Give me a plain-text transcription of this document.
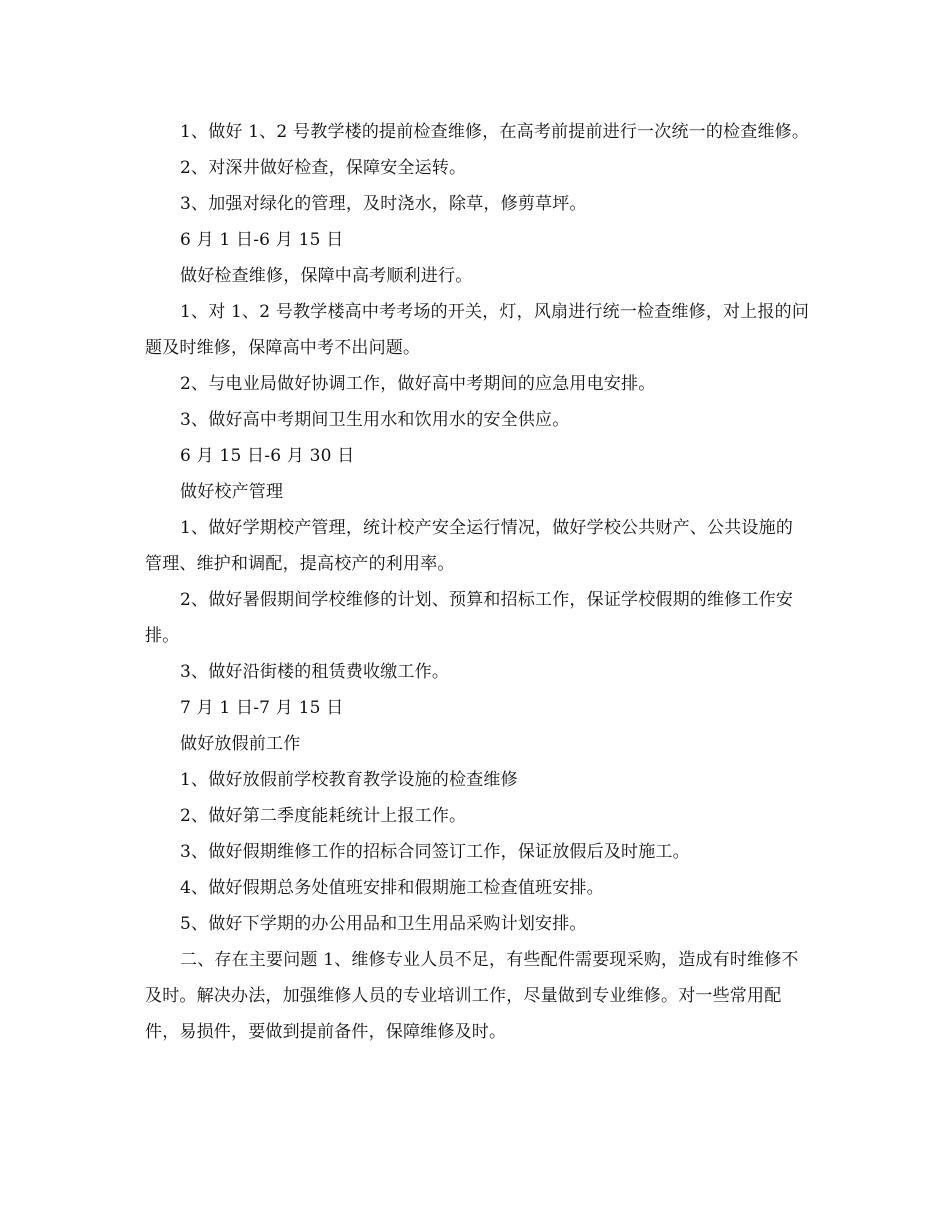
1、做好 1、2 号教学楼的提前检查维修，在高考前提前进行一次统一的检查维修。

2、对深井做好检查，保障安全运转。

3、加强对绿化的管理，及时浇水，除草，修剪草坪。

6 月 1 日-6 月 15 日

做好检查维修，保障中高考顺利进行。

1、对 1、2 号教学楼高中考考场的开关，灯，风扇进行统一检查维修，对上报的问题及时维修，保障高中考不出问题。

2、与电业局做好协调工作，做好高中考期间的应急用电安排。

3、做好高中考期间卫生用水和饮用水的安全供应。

6 月 15 日-6 月 30 日

做好校产管理

1、做好学期校产管理，统计校产安全运行情况，做好学校公共财产、公共设施的管理、维护和调配，提高校产的利用率。

2、做好暑假期间学校维修的计划、预算和招标工作，保证学校假期的维修工作安排。

3、做好沿街楼的租赁费收缴工作。

7 月 1 日-7 月 15 日

做好放假前工作

1、做好放假前学校教育教学设施的检查维修

2、做好第二季度能耗统计上报工作。

3、做好假期维修工作的招标合同签订工作，保证放假后及时施工。

4、做好假期总务处值班安排和假期施工检查值班安排。

5、做好下学期的办公用品和卫生用品采购计划安排。

二、存在主要问题 1、维修专业人员不足，有些配件需要现采购，造成有时维修不及时。解决办法，加强维修人员的专业培训工作，尽量做到专业维修。对一些常用配件，易损件，要做到提前备件，保障维修及时。
